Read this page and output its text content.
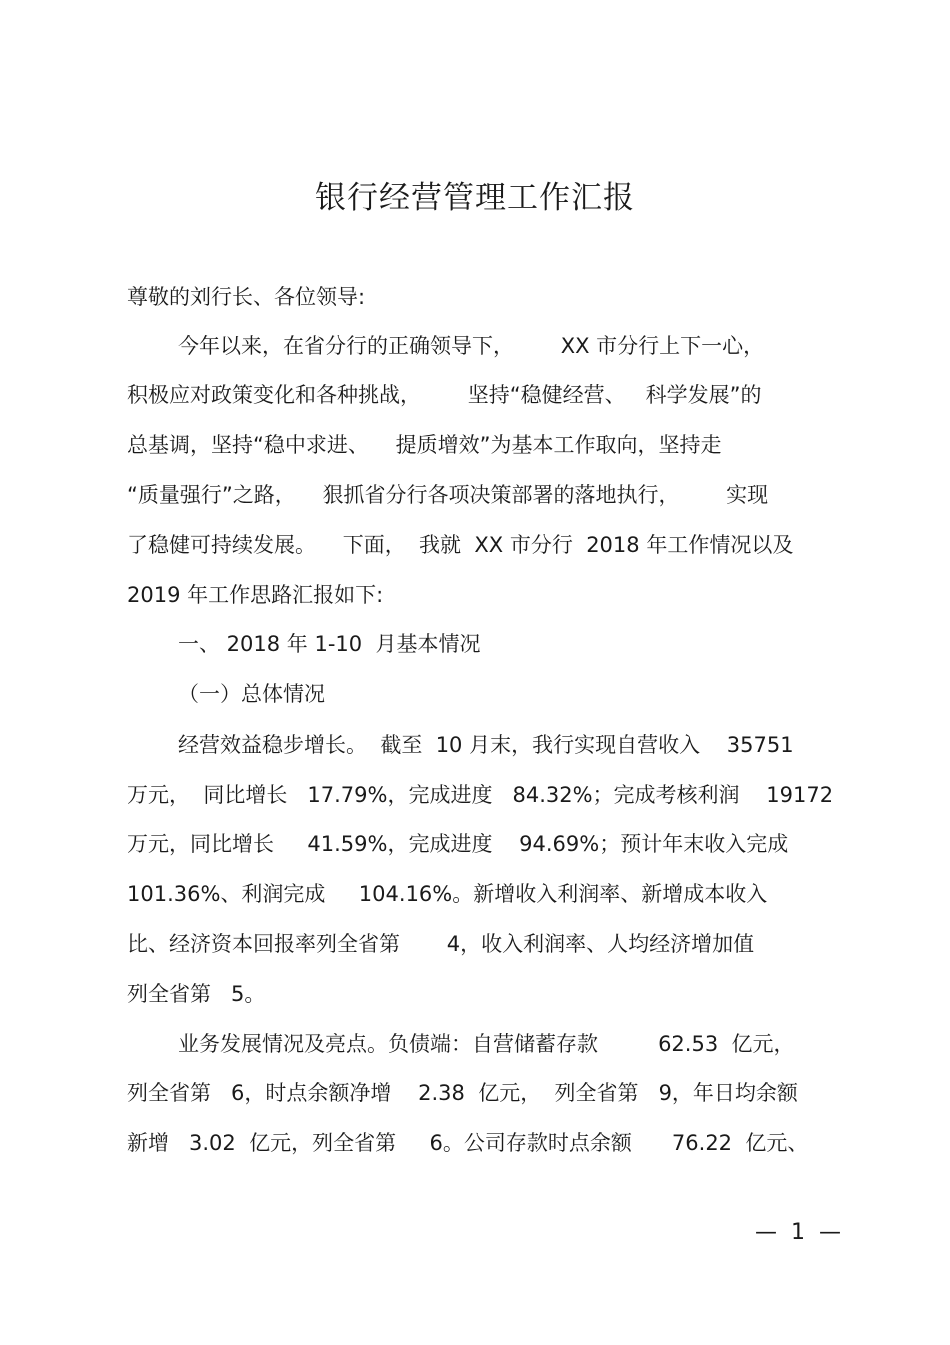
银行经营管理工作汇报

尊敬的刘行长、各位领导:

今年以来，在省分行的正确领导下，       XX 市分行上下一心，

积极应对政策变化和各种挑战，       坚持“稳健经营、   科学发展”的

总基调，坚持“稳中求进、    提质增效”为基本工作取向，坚持走

“质量强行”之路，    狠抓省分行各项决策部署的落地执行，       实现

了稳健可持续发展。    下面，  我就  XX 市分行  2018 年工作情况以及

2019 年工作思路汇报如下:

一、 2018 年 1-10  月基本情况

（一）总体情况

经营效益稳步增长。  截至  10 月末，我行实现自营收入    35751

万元，  同比增长   17.79%，完成进度   84.32%；完成考核利润    19172

万元，同比增长     41.59%，完成进度    94.69%；预计年末收入完成

101.36%、利润完成     104.16%。新增收入利润率、新增成本收入

比、经济资本回报率列全省第       4，收入利润率、人均经济增加值

列全省第   5。

业务发展情况及亮点。负债端：自营储蓄存款         62.53  亿元，

列全省第   6，时点余额净增    2.38  亿元，  列全省第   9，年日均余额

新增   3.02  亿元，列全省第     6。公司存款时点余额      76.22  亿元、

—  1  —
